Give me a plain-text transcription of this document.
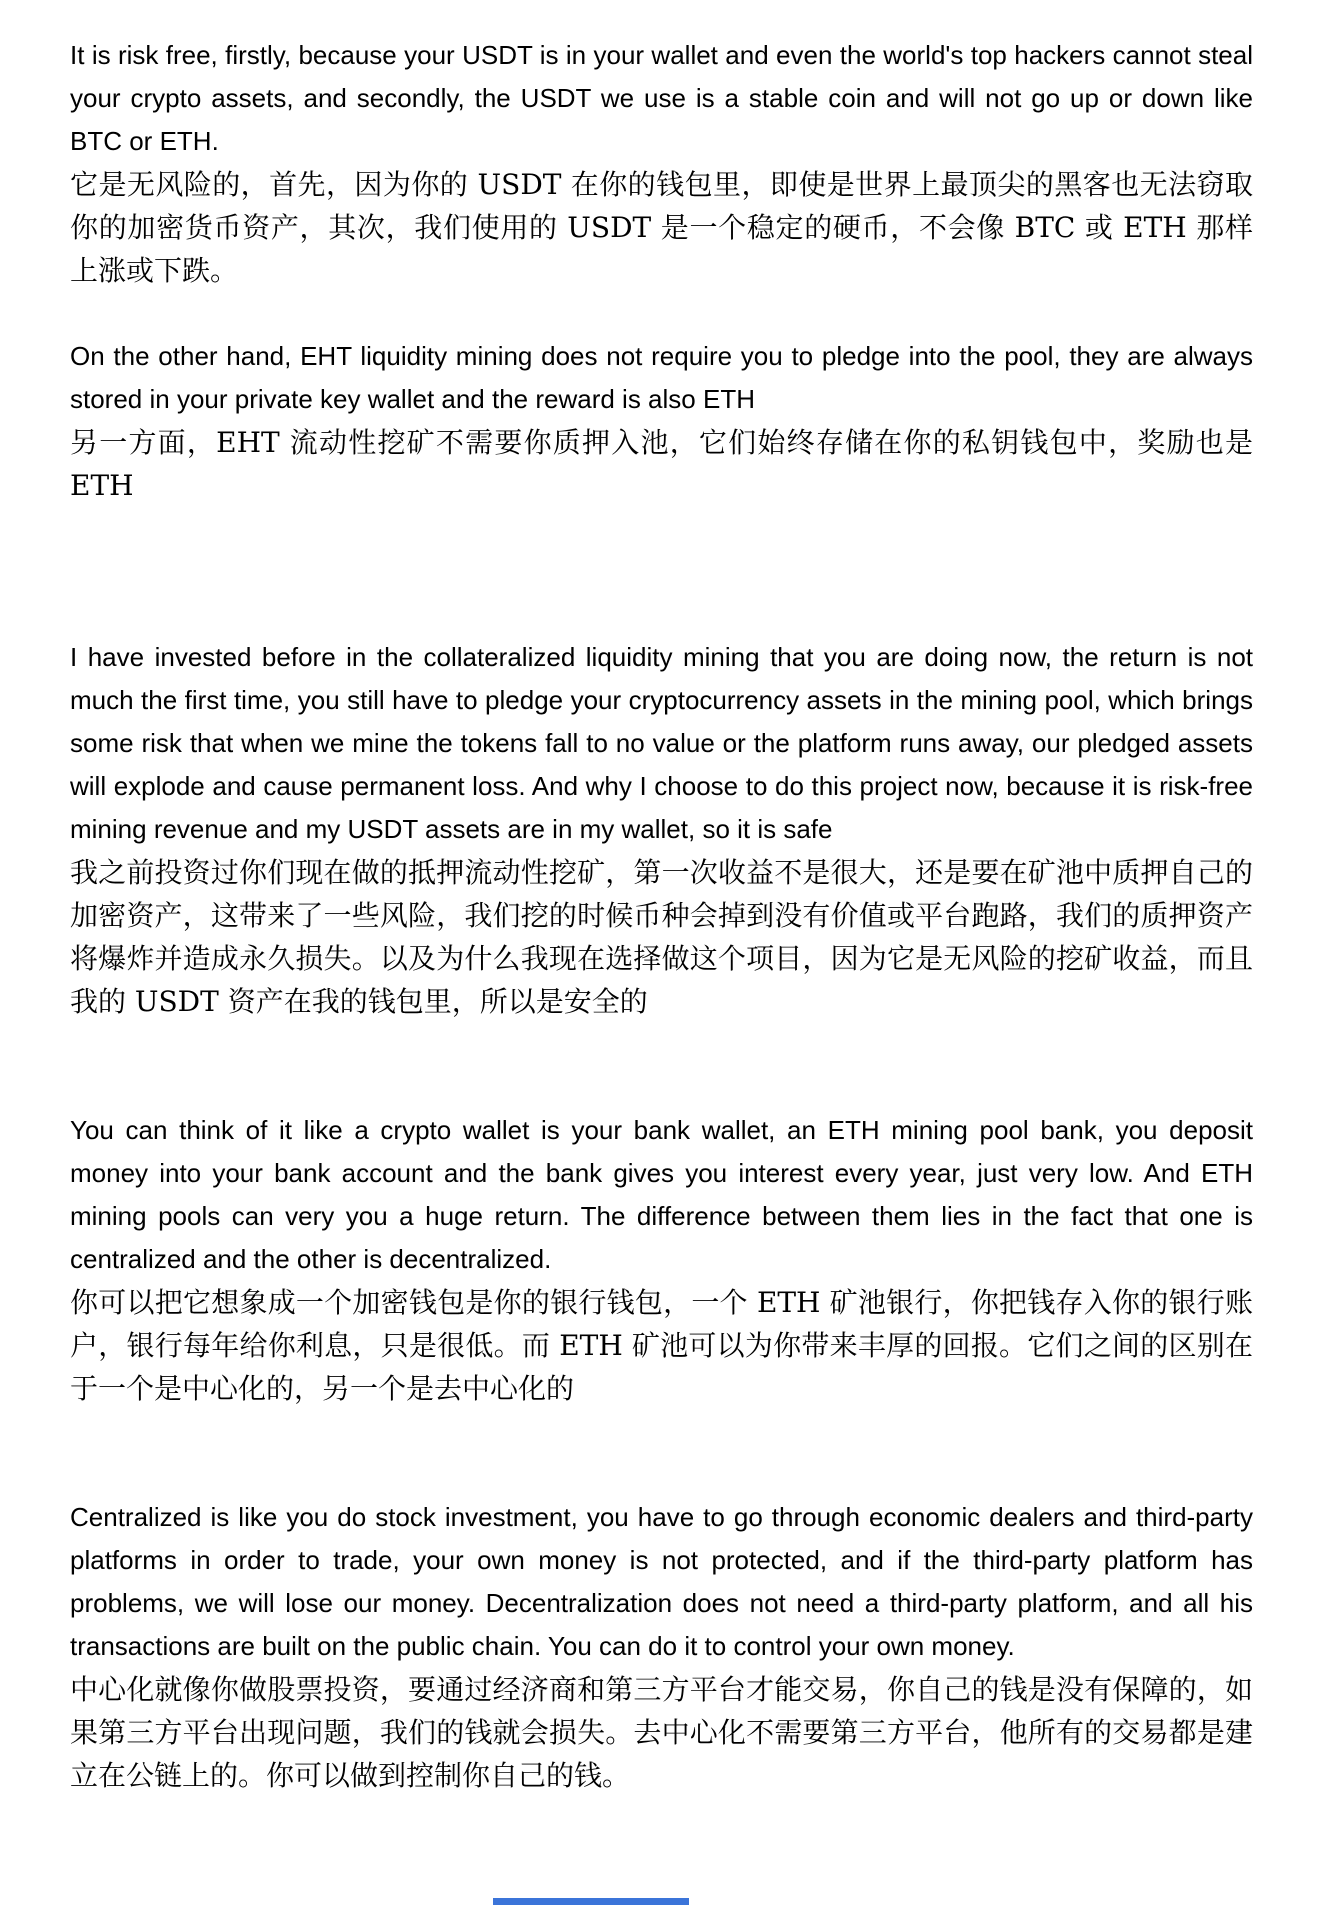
It is risk free, firstly, because your USDT is in your wallet and even the world's top hackers cannot steal your crypto assets, and secondly, the USDT we use is a stable coin and will not go up or down like BTC or ETH.
它是无风险的，首先，因为你的 USDT 在你的钱包里，即使是世界上最顶尖的黑客也无法窃取你的加密货币资产，其次，我们使用的 USDT 是一个稳定的硬币，不会像 BTC 或 ETH 那样上涨或下跌。
On the other hand, EHT liquidity mining does not require you to pledge into the pool, they are always stored in your private key wallet and the reward is also ETH
另一方面，EHT 流动性挖矿不需要你质押入池，它们始终存储在你的私钥钱包中，奖励也是 ETH
I have invested before in the collateralized liquidity mining that you are doing now, the return is not much the first time, you still have to pledge your cryptocurrency assets in the mining pool, which brings some risk that when we mine the tokens fall to no value or the platform runs away, our pledged assets will explode and cause permanent loss. And why I choose to do this project now, because it is risk-free mining revenue and my USDT assets are in my wallet, so it is safe
我之前投资过你们现在做的抵押流动性挖矿，第一次收益不是很大，还是要在矿池中质押自己的加密资产，这带来了一些风险，我们挖的时候币种会掉到没有价值或平台跑路，我们的质押资产将爆炸并造成永久损失。以及为什么我现在选择做这个项目，因为它是无风险的挖矿收益，而且我的 USDT 资产在我的钱包里，所以是安全的
You can think of it like a crypto wallet is your bank wallet, an ETH mining pool bank, you deposit money into your bank account and the bank gives you interest every year, just very low. And ETH mining pools can very you a huge return. The difference between them lies in the fact that one is centralized and the other is decentralized.
你可以把它想象成一个加密钱包是你的银行钱包，一个 ETH 矿池银行，你把钱存入你的银行账户，银行每年给你利息，只是很低。而 ETH 矿池可以为你带来丰厚的回报。它们之间的区别在于一个是中心化的，另一个是去中心化的
Centralized is like you do stock investment, you have to go through economic dealers and third-party platforms in order to trade, your own money is not protected, and if the third-party platform has problems, we will lose our money. Decentralization does not need a third-party platform, and all his transactions are built on the public chain. You can do it to control your own money.
中心化就像你做股票投资，要通过经济商和第三方平台才能交易，你自己的钱是没有保障的，如果第三方平台出现问题，我们的钱就会损失。去中心化不需要第三方平台，他所有的交易都是建立在公链上的。你可以做到控制你自己的钱。
